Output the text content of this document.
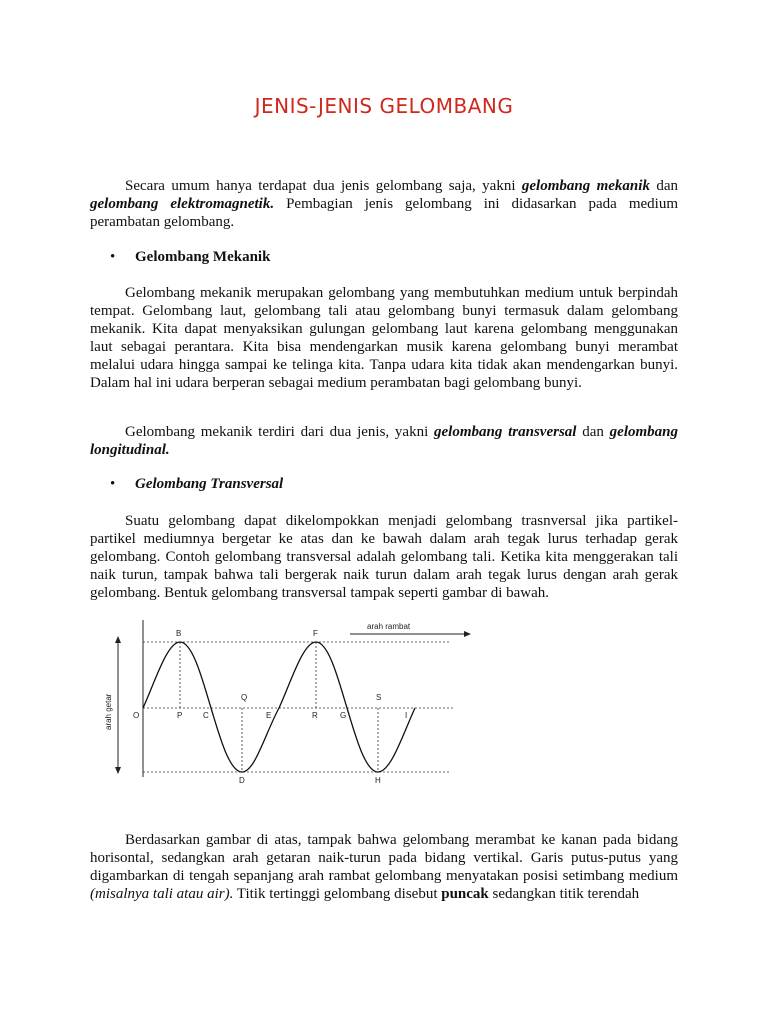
JENIS-JENIS GELOMBANG

Secara umum hanya terdapat dua jenis gelombang saja, yakni gelombang mekanik dan gelombang elektromagnetik. Pembagian jenis gelombang ini didasarkan pada medium perambatan gelombang.

• Gelombang Mekanik

Gelombang mekanik merupakan gelombang yang membutuhkan medium untuk berpindah tempat. Gelombang laut, gelombang tali atau gelombang bunyi termasuk dalam gelombang mekanik. Kita dapat menyaksikan gulungan gelombang laut karena gelombang menggunakan laut sebagai perantara. Kita bisa mendengarkan musik karena gelombang bunyi merambat melalui udara hingga sampai ke telinga kita. Tanpa udara kita tidak akan mendengarkan bunyi. Dalam hal ini udara berperan sebagai medium perambatan bagi gelombang bunyi.

Gelombang mekanik terdiri dari dua jenis, yakni gelombang transversal dan gelombang longitudinal.

• Gelombang Transversal

Suatu gelombang dapat dikelompokkan menjadi gelombang trasnversal jika partikel-partikel mediumnya bergetar ke atas dan ke bawah dalam arah tegak lurus terhadap gerak gelombang. Contoh gelombang transversal adalah gelombang tali. Ketika kita menggerakan tali naik turun, tampak bahwa tali bergerak naik turun dalam arah tegak lurus dengan arah gerak gelombang. Bentuk gelombang transversal tampak seperti gambar di bawah.

arah getar
arah rambat
B	F
Q	S
O	P	C	E	R	G	I
D	H

Berdasarkan gambar di atas, tampak bahwa gelombang merambat ke kanan pada bidang horisontal, sedangkan arah getaran naik-turun pada bidang vertikal. Garis putus-putus yang digambarkan di tengah sepanjang arah rambat gelombang menyatakan posisi setimbang medium (misalnya tali atau air). Titik tertinggi gelombang disebut puncak sedangkan titik terendah
